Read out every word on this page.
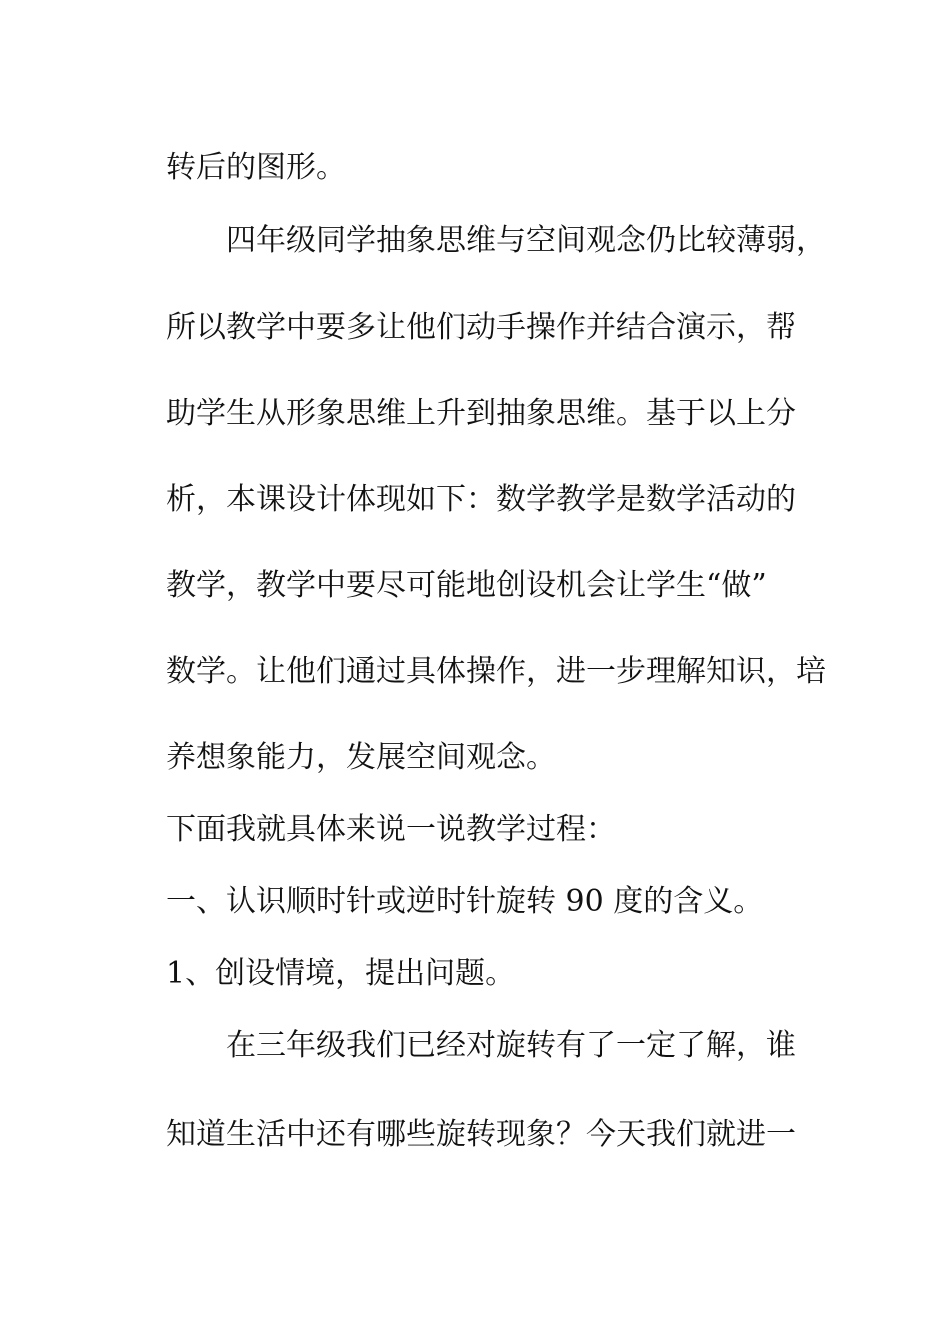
转后的图形。
四年级同学抽象思维与空间观念仍比较薄弱，
所以教学中要多让他们动手操作并结合演示，帮
助学生从形象思维上升到抽象思维。基于以上分
析，本课设计体现如下：数学教学是数学活动的
教学，教学中要尽可能地创设机会让学生“做”
数学。让他们通过具体操作，进一步理解知识，培
养想象能力，发展空间观念。
下面我就具体来说一说教学过程：
一、认识顺时针或逆时针旋转 90 度的含义。
1、创设情境，提出问题。
在三年级我们已经对旋转有了一定了解，谁
知道生活中还有哪些旋转现象？今天我们就进一
